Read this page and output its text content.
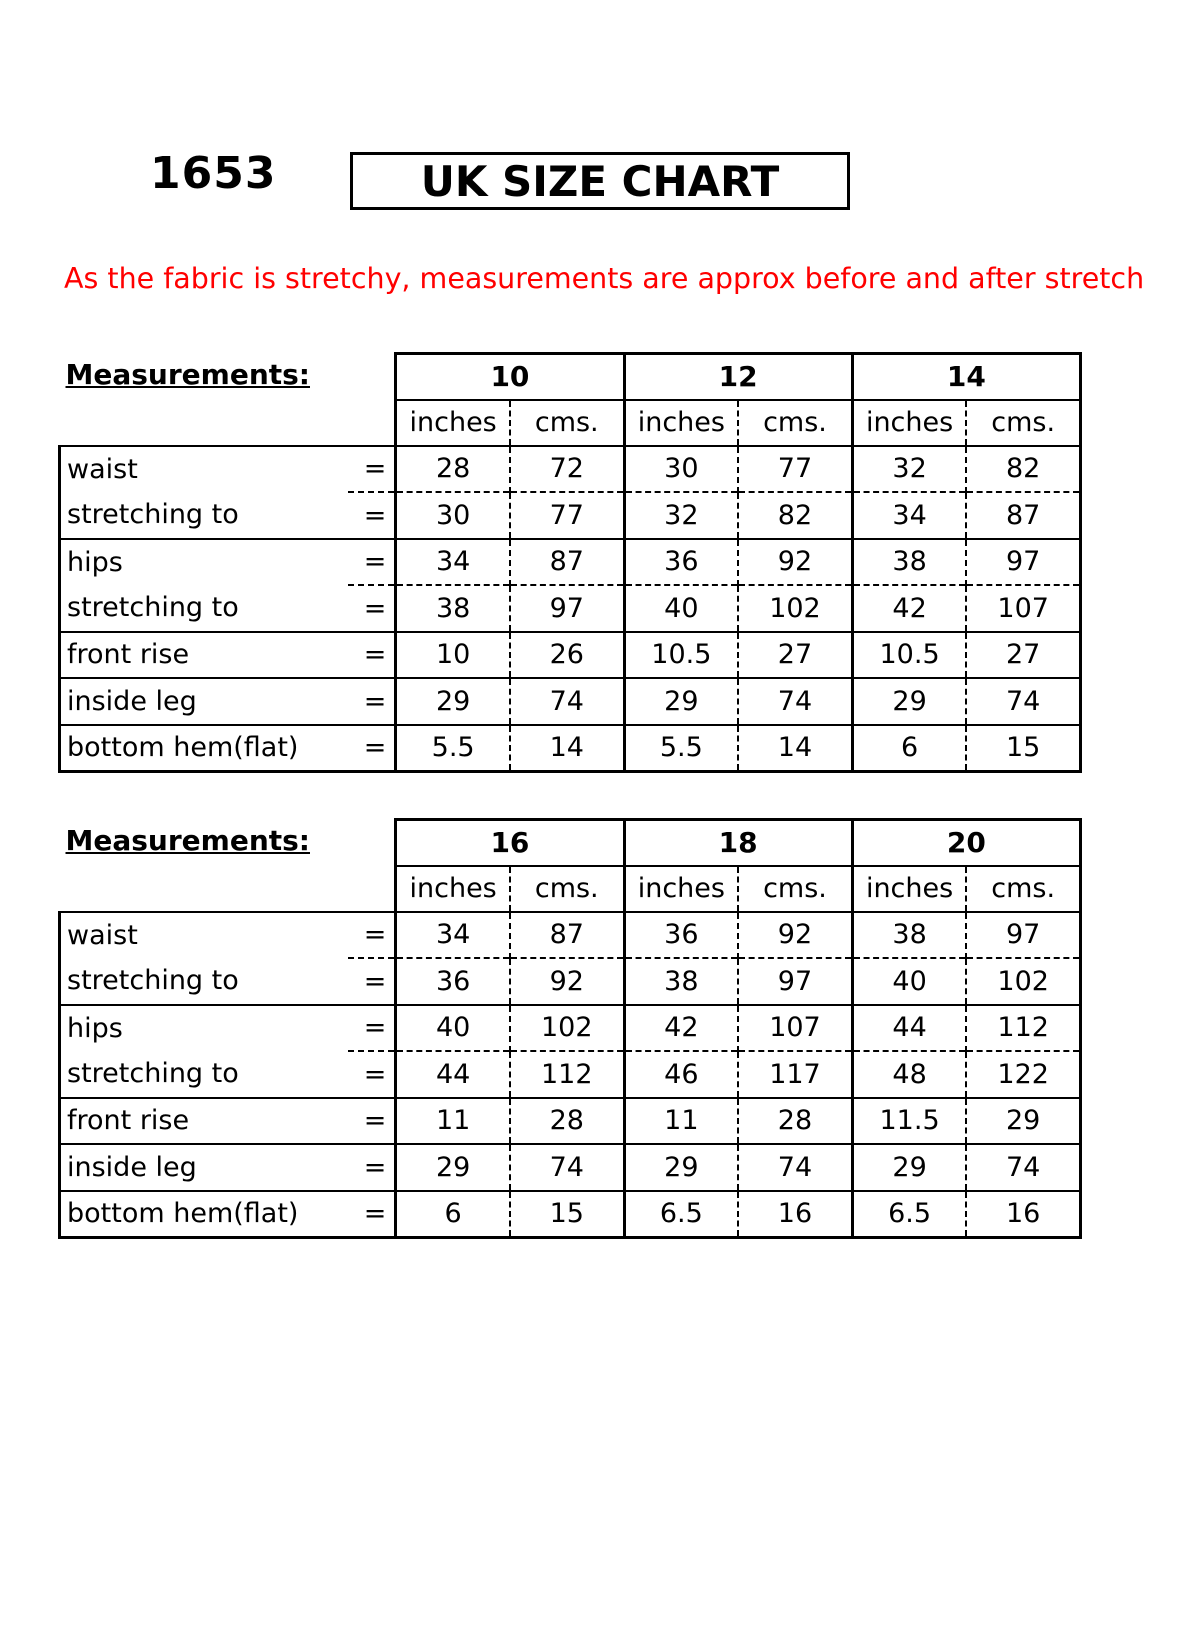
1653	UK SIZE CHART
As the fabric is stretchy, measurements are approx before and after stretch
Measurements:		10		12		14	
		inches	cms.	inches	cms.	inches	cms.
waist	=	28	72	30	77	32	82
stretching to	=	30	77	32	82	34	87
hips	=	34	87	36	92	38	97
stretching to	=	38	97	40	102	42	107
front rise	=	10	26	10.5	27	10.5	27
inside leg	=	29	74	29	74	29	74
bottom hem(flat)	=	5.5	14	5.5	14	6	15
Measurements:		16		18		20	
		inches	cms.	inches	cms.	inches	cms.
waist	=	34	87	36	92	38	97
stretching to	=	36	92	38	97	40	102
hips	=	40	102	42	107	44	112
stretching to	=	44	112	46	117	48	122
front rise	=	11	28	11	28	11.5	29
inside leg	=	29	74	29	74	29	74
bottom hem(flat)	=	6	15	6.5	16	6.5	16
